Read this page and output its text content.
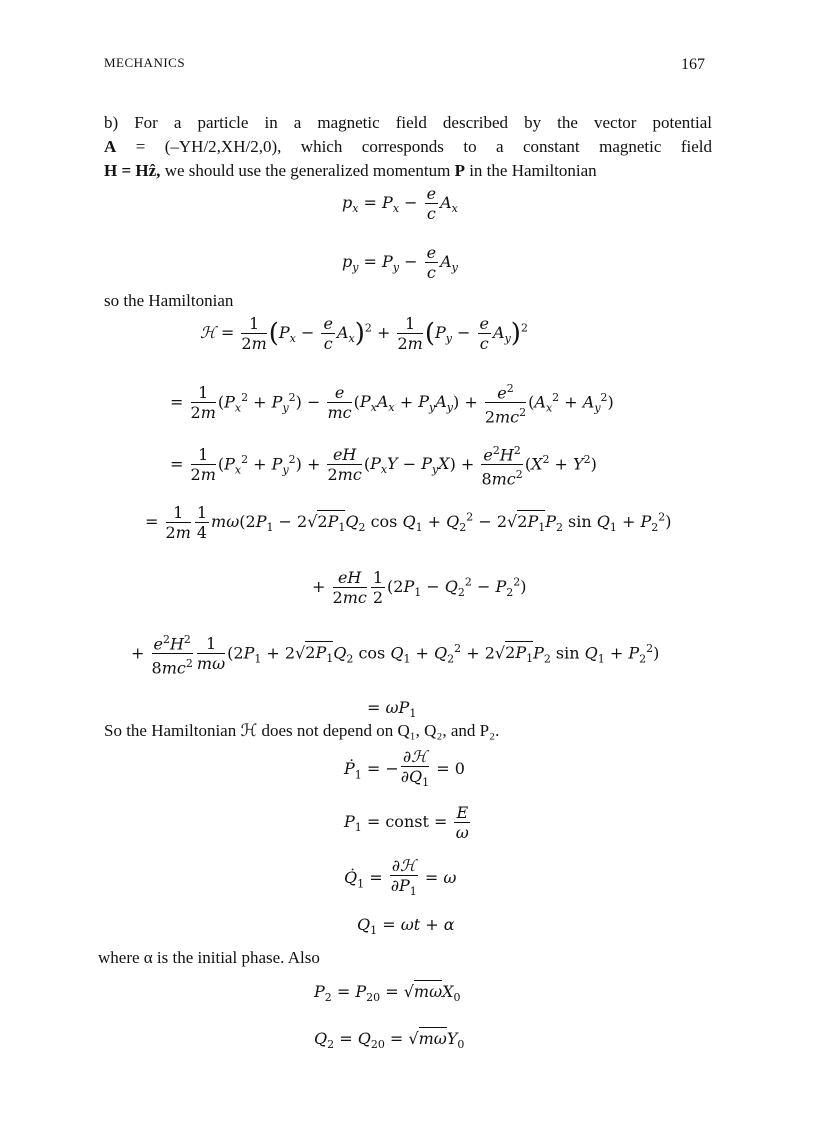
MECHANICS	167
b) For a particle in a magnetic field described by the vector potential
A = (–YH/2,XH/2,0), which corresponds to a constant magnetic field
H = Hẑ, we should use the generalized momentum P in the Hamiltonian
$p_x = P_x - \frac{e}{c} A_x$
$p_y = P_y - \frac{e}{c} A_y$
so the Hamiltonian
ℋ = $\frac{1}{2m} (P_x - \frac{e}{c} A_x)^2 + \frac{1}{2m} (P_y - \frac{e}{c} A_y)^2$
= $\frac{1}{2m} (P_x^2 + P_y^2) - \frac{e}{mc} (P_xA_x + P_yA_y) + \frac{e^2}{2mc^2} (A_x^2 + A_y^2)$
= $\frac{1}{2m} (P_x^2 + P_y^2) + \frac{eH}{2mc} (P_xY - P_yX) + \frac{e^2H^2}{8mc^2} (X^2 + Y^2)$
= $\frac{1}{2m} \frac{1}{4} m\omega(2P_1 - 2√2P_1Q_2$ $\cos Q_1 + Q_2^2 - 2√2P_1P_2$ $\sin Q_1 + P_2^2$)
+ $\frac{eH}{2mc} \frac{1}{2} (2P_1 - Q_2^2 - P_2^2)$
+ $\frac{e^2H^2}{8mc^2} \frac{1}{m\omega} (2P_1 + 2√2P_1Q_2$ $\cos Q_1 + Q_2^2 + 2√2P_1P_2$ $\sin Q_1 + P_2^2$)
= $\omega P_1$
So the Hamiltonian ℋ does not depend on Q₁, Q₂, and P₂.
Ṗ$_1$ = −
∂ℋ
$\partial Q_1$
= 0
$P_1$ = const = $\frac{E}{\omega}$
$Q̇_1$ =
∂ℋ
$\partial P_1$
= ω
$Q_1 = \omega t + \alpha$
where α is the initial phase. Also
$P_2 = P_{20} = √m\omega X_0$
$Q_2 = Q_{20} = √m\omega Y_0$
